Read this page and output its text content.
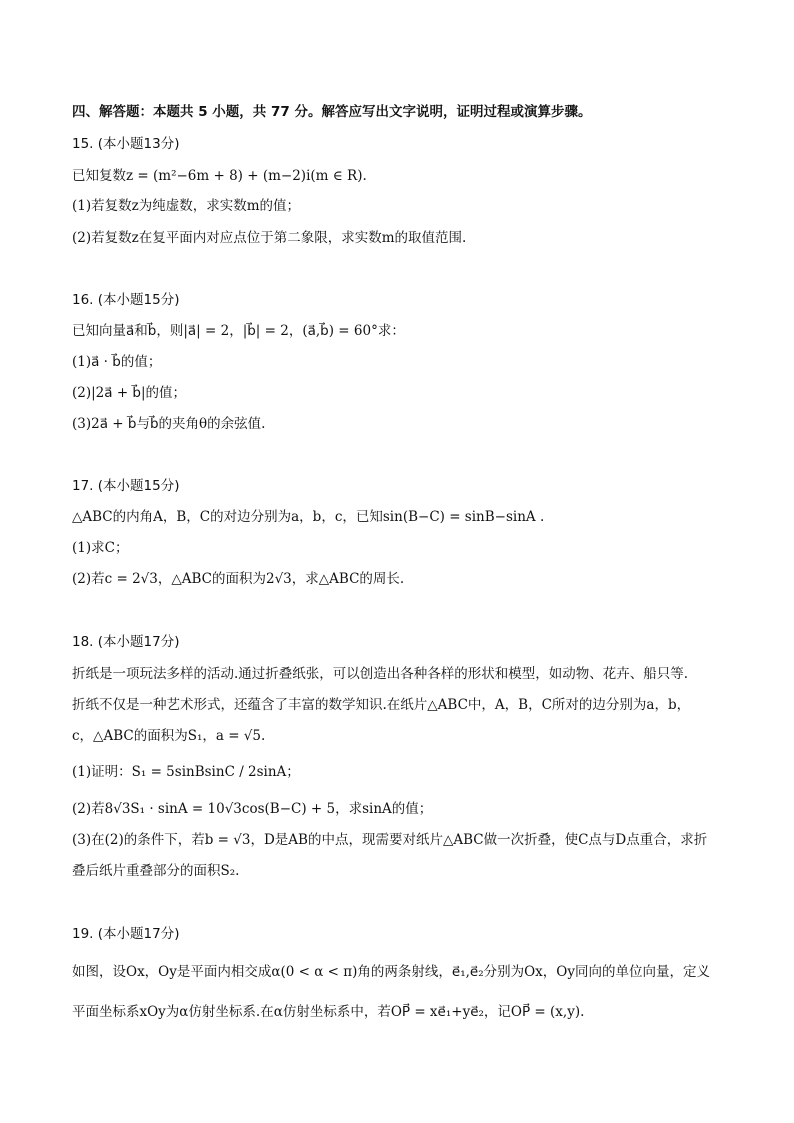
四、解答题：本题共 5 小题，共 77 分。解答应写出文字说明，证明过程或演算步骤。
15. (本小题13分)
已知复数z = (m²−6m + 8) + (m−2)i(m ∈ R).
(1)若复数z为纯虚数，求实数m的值；
(2)若复数z在复平面内对应点位于第二象限，求实数m的取值范围.
16. (本小题15分)
已知向量a⃗和b⃗，则|a⃗| = 2，|b⃗| = 2，(a⃗,b⃗) = 60°求：
(1)a⃗ · b⃗的值；
(2)|2a⃗ + b⃗|的值；
(3)2a⃗ + b⃗与b⃗的夹角θ的余弦值.
17. (本小题15分)
△ABC的内角A，B，C的对边分别为a，b，c，已知sin(B−C) = sinB−sinA .
(1)求C；
(2)若c = 2√3，△ABC的面积为2√3，求△ABC的周长.
18. (本小题17分)
折纸是一项玩法多样的活动.通过折叠纸张，可以创造出各种各样的形状和模型，如动物、花卉、船只等.
折纸不仅是一种艺术形式，还蕴含了丰富的数学知识.在纸片△ABC中，A，B，C所对的边分别为a，b，
c，△ABC的面积为S₁，a = √5.
(1)证明：S₁ = 5sinBsinC / 2sinA；
(2)若8√3S₁ · sinA = 10√3cos(B−C) + 5，求sinA的值；
(3)在(2)的条件下，若b = √3，D是AB的中点，现需要对纸片△ABC做一次折叠，使C点与D点重合，求折
叠后纸片重叠部分的面积S₂.
19. (本小题17分)
如图，设Ox，Oy是平面内相交成α(0 < α < π)角的两条射线，e⃗₁,e⃗₂分别为Ox，Oy同向的单位向量，定义
平面坐标系xOy为α仿射坐标系.在α仿射坐标系中，若OP⃗ = xe⃗₁+ye⃗₂，记OP⃗ = (x,y).
